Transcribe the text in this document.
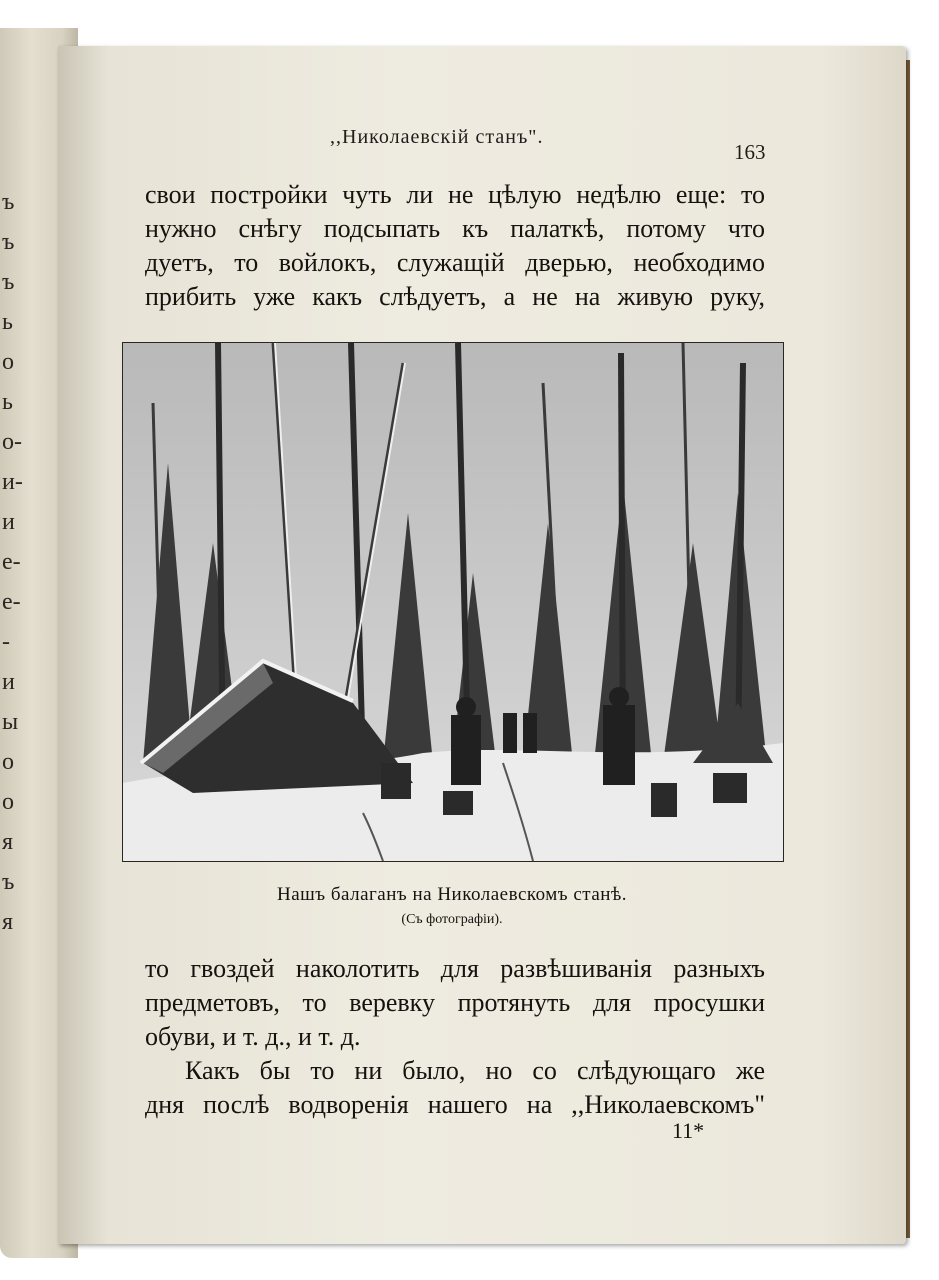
ъ
ъ
ъ
ь
о
ь
о-
и-
и
е-
е-
-
и
ы
о
о
я
ъ
я
,,Николаевскій станъ".
163
свои постройки чуть ли не цѣлую недѣлю еще: то
нужно снѣгу подсыпать къ палаткѣ, потому что
дуетъ, то войлокъ, служащій дверью, необходимо
прибить уже какъ слѣдуетъ, а не на живую руку,
Нашъ балаганъ на Николаевскомъ станѣ.
(Съ фотографіи).
то гвоздей наколотить для развѣшиванія разныхъ
предметовъ, то веревку протянуть для просушки
обуви, и т. д., и т. д.
Какъ бы то ни было, но со слѣдующаго же
дня послѣ водворенія нашего на ,,Николаевскомъ"
11*
